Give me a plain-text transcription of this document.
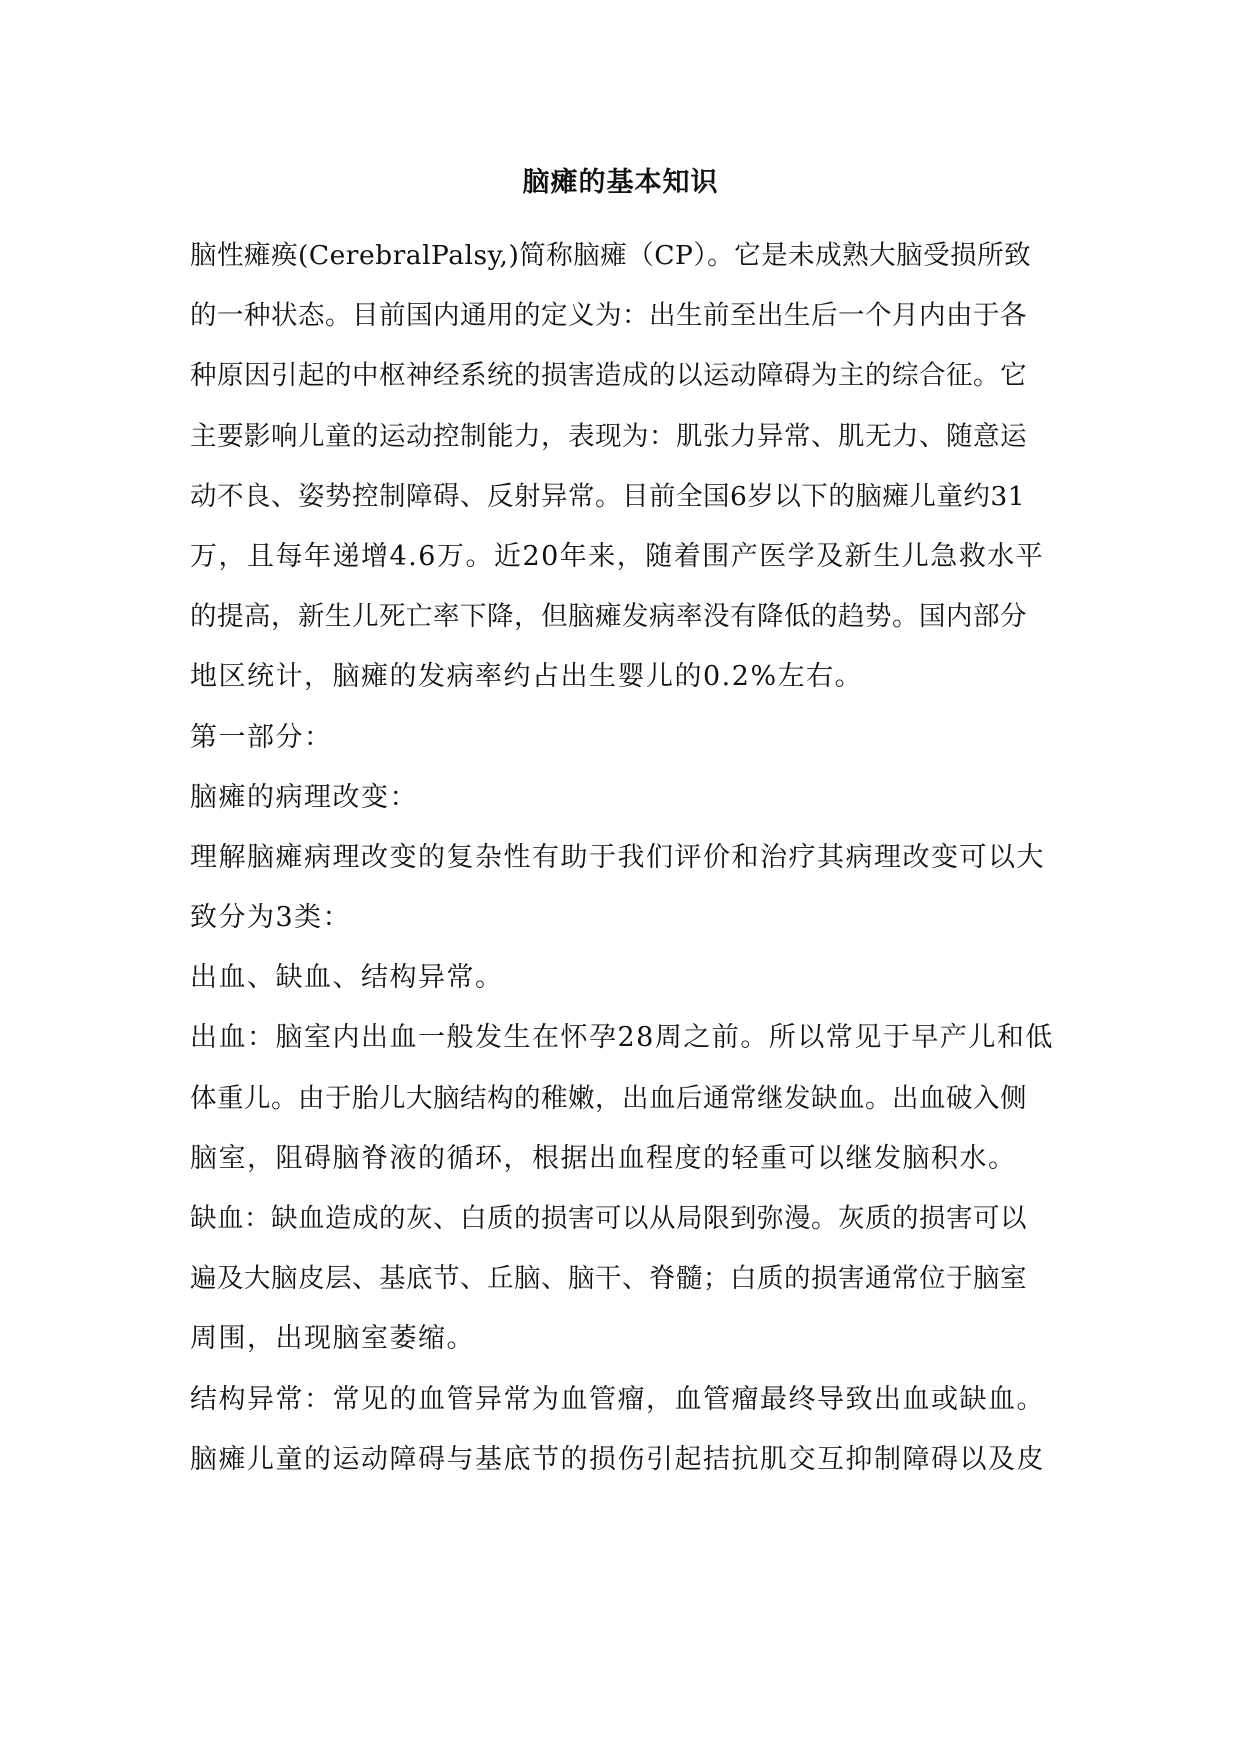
脑瘫的基本知识

脑性瘫痪(CerebralPalsy,)简称脑瘫（CP）。它是未成熟大脑受损所致

的一种状态。目前国内通用的定义为：出生前至出生后一个月内由于各

种原因引起的中枢神经系统的损害造成的以运动障碍为主的综合征。它

主要影响儿童的运动控制能力，表现为：肌张力异常、肌无力、随意运

动不良、姿势控制障碍、反射异常。目前全国6岁以下的脑瘫儿童约31

万，且每年递增4.6万。近20年来，随着围产医学及新生儿急救水平

的提高，新生儿死亡率下降，但脑瘫发病率没有降低的趋势。国内部分

地区统计，脑瘫的发病率约占出生婴儿的0.2%左右。

第一部分：

脑瘫的病理改变：

理解脑瘫病理改变的复杂性有助于我们评价和治疗其病理改变可以大

致分为3类：

出血、缺血、结构异常。

出血：脑室内出血一般发生在怀孕28周之前。所以常见于早产儿和低

体重儿。由于胎儿大脑结构的稚嫩，出血后通常继发缺血。出血破入侧

脑室，阻碍脑脊液的循环，根据出血程度的轻重可以继发脑积水。

缺血：缺血造成的灰、白质的损害可以从局限到弥漫。灰质的损害可以

遍及大脑皮层、基底节、丘脑、脑干、脊髓；白质的损害通常位于脑室

周围，出现脑室萎缩。

结构异常：常见的血管异常为血管瘤，血管瘤最终导致出血或缺血。

脑瘫儿童的运动障碍与基底节的损伤引起拮抗肌交互抑制障碍以及皮
